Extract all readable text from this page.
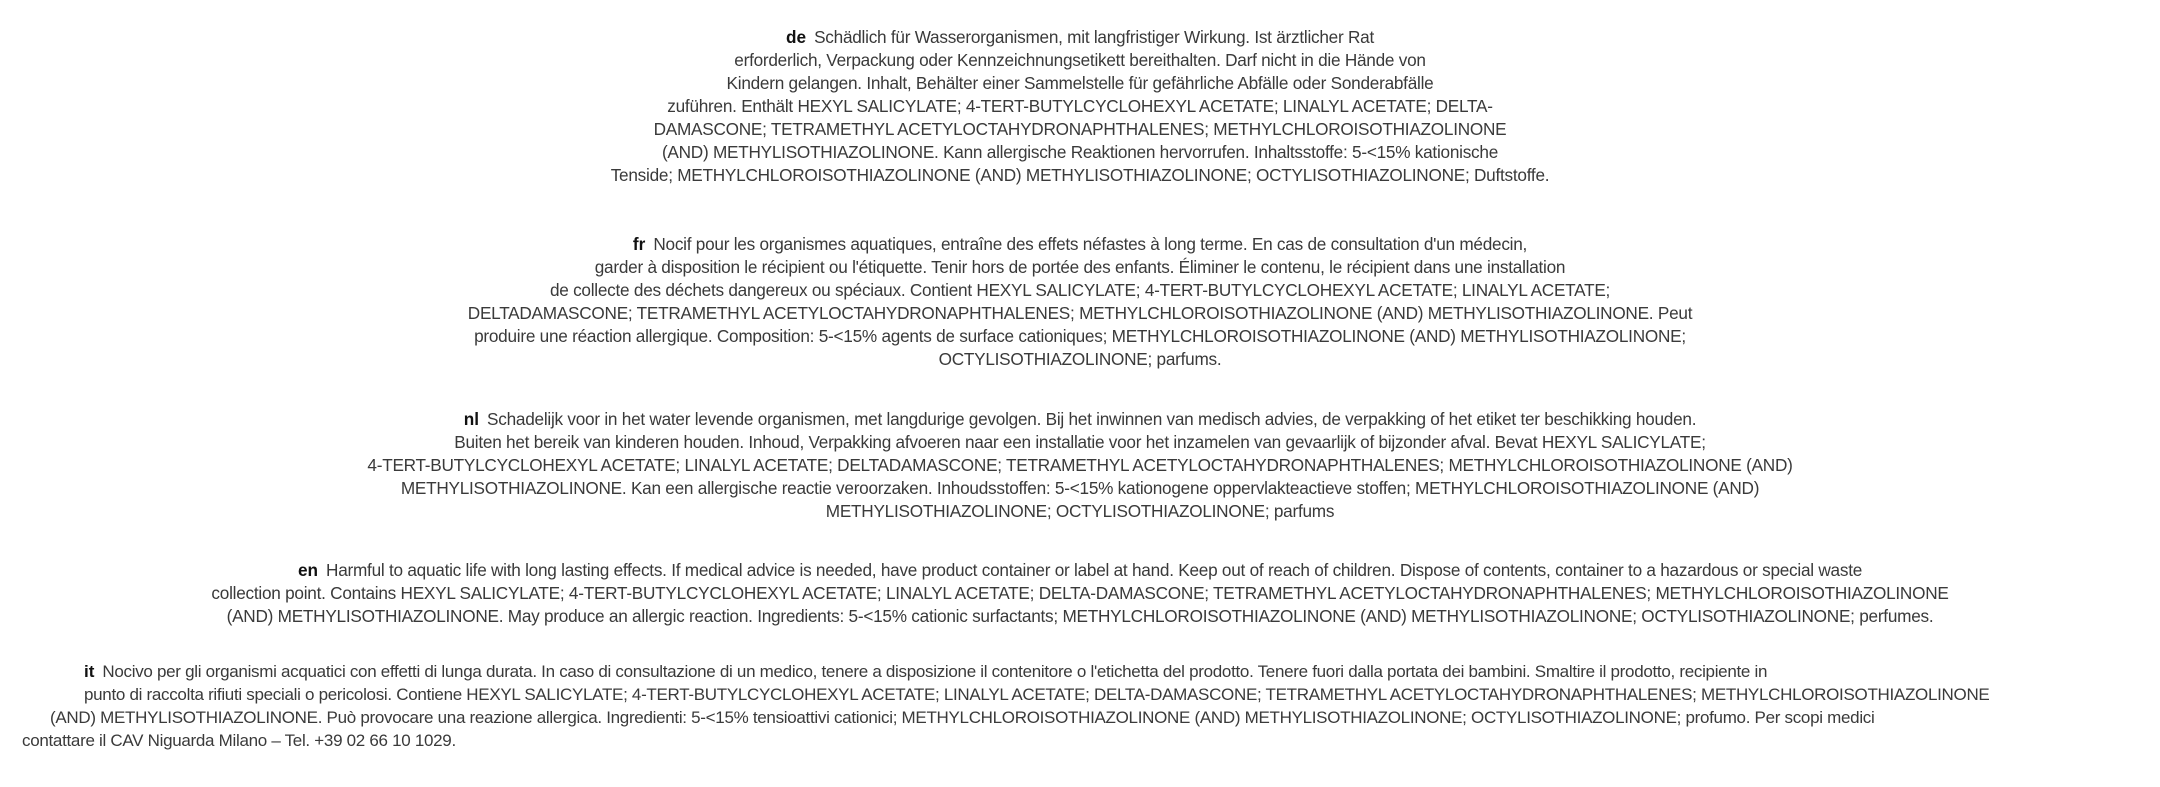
de Schädlich für Wasserorganismen, mit langfristiger Wirkung. Ist ärztlicher Rat
erforderlich, Verpackung oder Kennzeichnungsetikett bereithalten. Darf nicht in die Hände von
Kindern gelangen. Inhalt, Behälter einer Sammelstelle für gefährliche Abfälle oder Sonderabfälle
zuführen. Enthält HEXYL SALICYLATE; 4-TERT-BUTYLCYCLOHEXYL ACETATE; LINALYL ACETATE; DELTA-
DAMASCONE; TETRAMETHYL ACETYLOCTAHYDRONAPHTHALENES; METHYLCHLOROISOTHIAZOLINONE
(AND) METHYLISOTHIAZOLINONE. Kann allergische Reaktionen hervorrufen. Inhaltsstoffe: 5-<15% kationische
Tenside; METHYLCHLOROISOTHIAZOLINONE (AND) METHYLISOTHIAZOLINONE; OCTYLISOTHIAZOLINONE; Duftstoffe.
fr Nocif pour les organismes aquatiques, entraîne des effets néfastes à long terme. En cas de consultation d'un médecin,
garder à disposition le récipient ou l'étiquette. Tenir hors de portée des enfants. Éliminer le contenu, le récipient dans une installation
de collecte des déchets dangereux ou spéciaux. Contient HEXYL SALICYLATE; 4-TERT-BUTYLCYCLOHEXYL ACETATE; LINALYL ACETATE;
DELTADAMASCONE; TETRAMETHYL ACETYLOCTAHYDRONAPHTHALENES; METHYLCHLOROISOTHIAZOLINONE (AND) METHYLISOTHIAZOLINONE. Peut
produire une réaction allergique. Composition: 5-<15% agents de surface cationiques; METHYLCHLOROISOTHIAZOLINONE (AND) METHYLISOTHIAZOLINONE;
OCTYLISOTHIAZOLINONE; parfums.
nl Schadelijk voor in het water levende organismen, met langdurige gevolgen. Bij het inwinnen van medisch advies, de verpakking of het etiket ter beschikking houden.
Buiten het bereik van kinderen houden. Inhoud, Verpakking afvoeren naar een installatie voor het inzamelen van gevaarlijk of bijzonder afval. Bevat HEXYL SALICYLATE;
4-TERT-BUTYLCYCLOHEXYL ACETATE; LINALYL ACETATE; DELTADAMASCONE; TETRAMETHYL ACETYLOCTAHYDRONAPHTHALENES; METHYLCHLOROISOTHIAZOLINONE (AND)
METHYLISOTHIAZOLINONE. Kan een allergische reactie veroorzaken. Inhoudsstoffen: 5-<15% kationogene oppervlakteactieve stoffen; METHYLCHLOROISOTHIAZOLINONE (AND)
METHYLISOTHIAZOLINONE; OCTYLISOTHIAZOLINONE; parfums
en Harmful to aquatic life with long lasting effects. If medical advice is needed, have product container or label at hand. Keep out of reach of children. Dispose of contents, container to a hazardous or special waste
collection point. Contains HEXYL SALICYLATE; 4-TERT-BUTYLCYCLOHEXYL ACETATE; LINALYL ACETATE; DELTA-DAMASCONE; TETRAMETHYL ACETYLOCTAHYDRONAPHTHALENES; METHYLCHLOROISOTHIAZOLINONE
(AND) METHYLISOTHIAZOLINONE. May produce an allergic reaction. Ingredients: 5-<15% cationic surfactants; METHYLCHLOROISOTHIAZOLINONE (AND) METHYLISOTHIAZOLINONE; OCTYLISOTHIAZOLINONE; perfumes.
it Nocivo per gli organismi acquatici con effetti di lunga durata. In caso di consultazione di un medico, tenere a disposizione il contenitore o l'etichetta del prodotto. Tenere fuori dalla portata dei bambini. Smaltire il prodotto, recipiente in
punto di raccolta rifiuti speciali o pericolosi. Contiene HEXYL SALICYLATE; 4-TERT-BUTYLCYCLOHEXYL ACETATE; LINALYL ACETATE; DELTA-DAMASCONE; TETRAMETHYL ACETYLOCTAHYDRONAPHTHALENES; METHYLCHLOROISOTHIAZOLINONE
(AND) METHYLISOTHIAZOLINONE. Può provocare una reazione allergica. Ingredienti: 5-<15% tensioattivi cationici; METHYLCHLOROISOTHIAZOLINONE (AND) METHYLISOTHIAZOLINONE; OCTYLISOTHIAZOLINONE; profumo. Per scopi medici
contattare il CAV Niguarda Milano – Tel. +39 02 66 10 1029.
